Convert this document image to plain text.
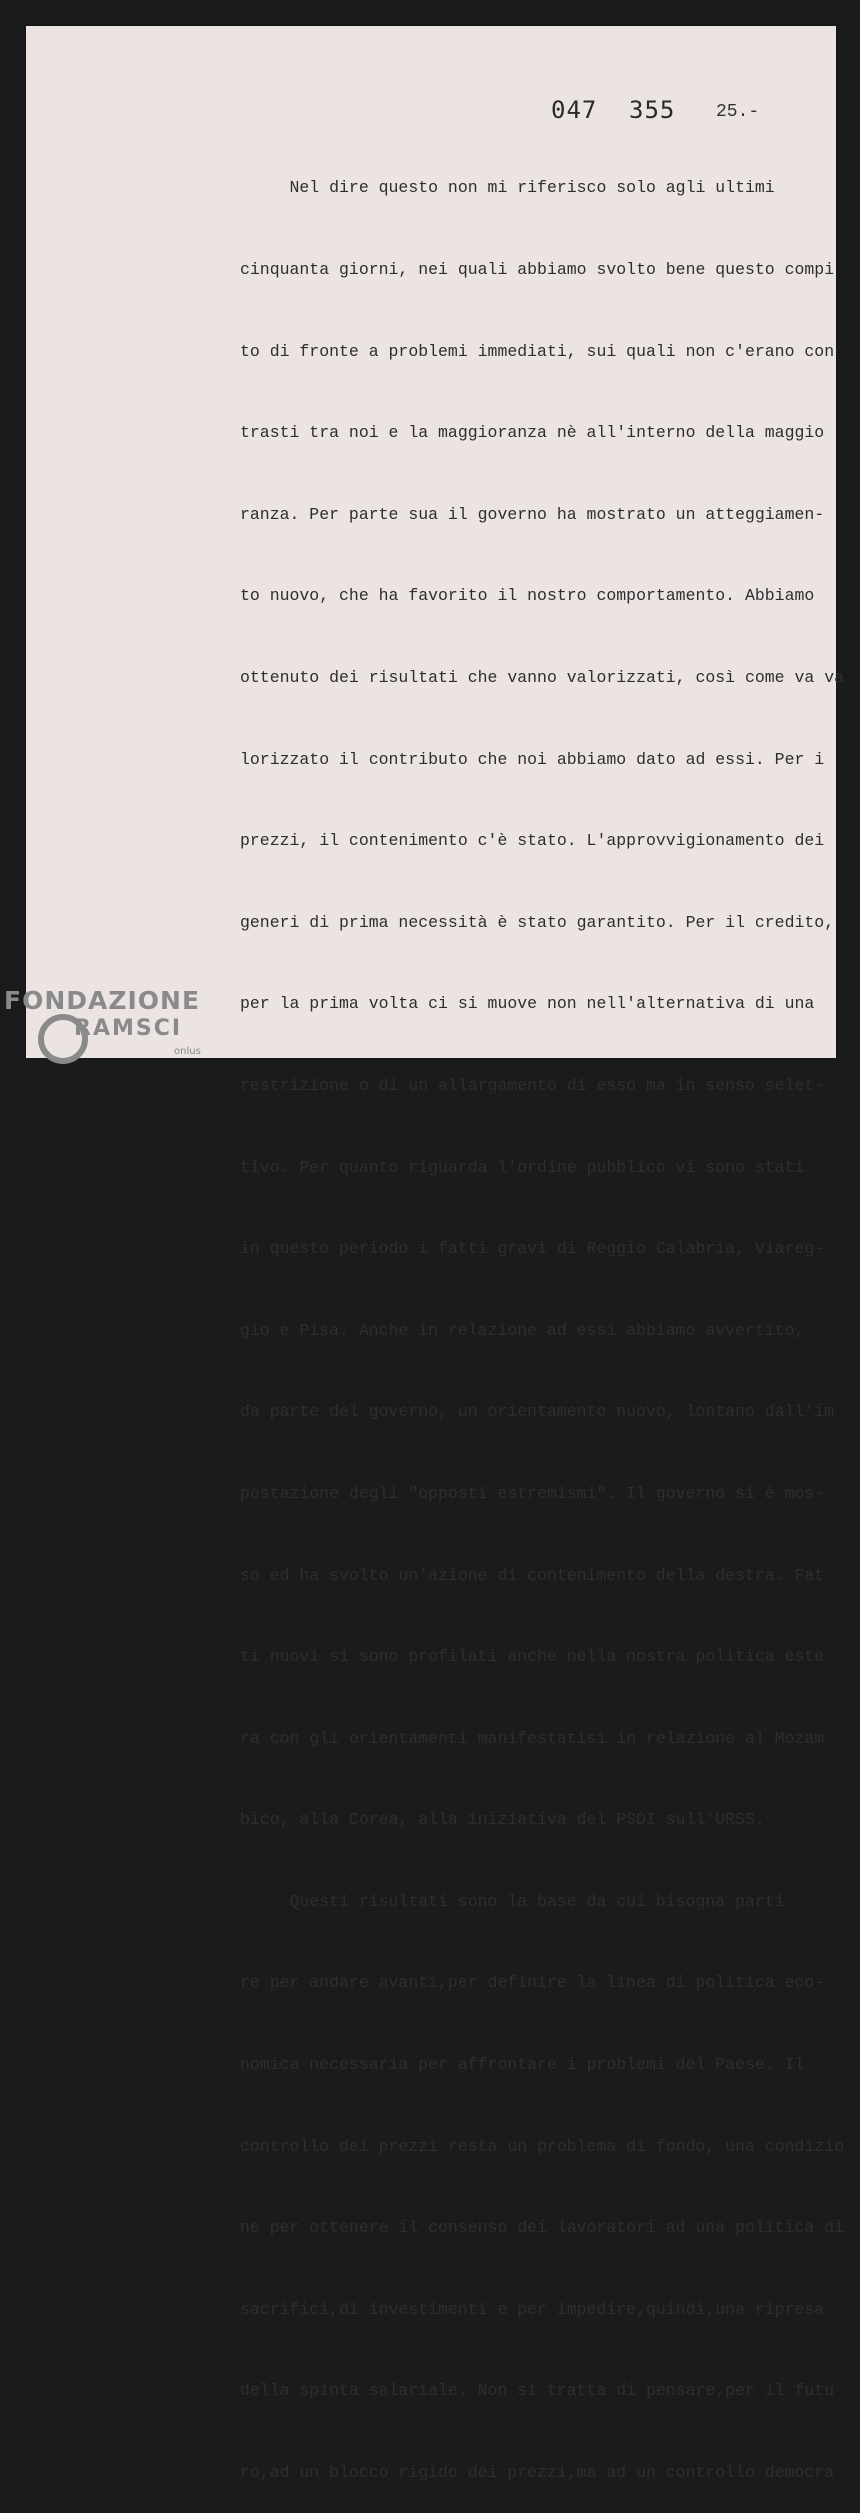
047 355 25.-

Nel dire questo non mi riferisco solo agli ultimi

cinquanta giorni, nei quali abbiamo svolto bene questo compi

to di fronte a problemi immediati, sui quali non c'erano con

trasti tra noi e la maggioranza nè all'interno della maggio

ranza. Per parte sua il governo ha mostrato un atteggiamen-

to nuovo, che ha favorito il nostro comportamento. Abbiamo

ottenuto dei risultati che vanno valorizzati, così come va va

lorizzato il contributo che noi abbiamo dato ad essi. Per i

prezzi, il contenimento c'è stato. L'approvvigionamento dei

generi di prima necessità è stato garantito. Per il credito,

per la prima volta ci si muove non nell'alternativa di una

restrizione o di un allargamento di esso ma in senso selet-

tivo. Per quanto riguarda l'ordine pubblico vi sono stati

in questo periodo i fatti gravi di Reggio Calabria, Viareg-

gio e Pisa. Anche in relazione ad essi abbiamo avvertito,

da parte del governo, un orientamento nuovo, lontano dall'im

postazione degli "opposti estremismi". Il governo si è mos-

so ed ha svolto un'azione di contenimento della destra. Fat

ti nuovi si sono profilati anche nella nostra politica este

ra con gli orientamenti manifestatisi in relazione al Mozam

bico, alla Corea, alla iniziativa del PSDI sull'URSS.

Questi risultati sono la base da cui bisogna parti

re per andare avanti,per definire la linea di politica eco-

nomica necessaria per affrontare i problemi del Paese. Il

controllo dei prezzi resta un problema di fondo, una condizio

ne per ottenere il consenso dei lavoratori ad una politica di

sacrifici,di investimenti e per impedire,quindi,una ripresa

della spinta salariale. Non si tratta di pensare,per il futu

ro,ad un blocco rigido dei prezzi,ma ad un controllo democra

FONDAZIONE
RAMSCI
onlus
